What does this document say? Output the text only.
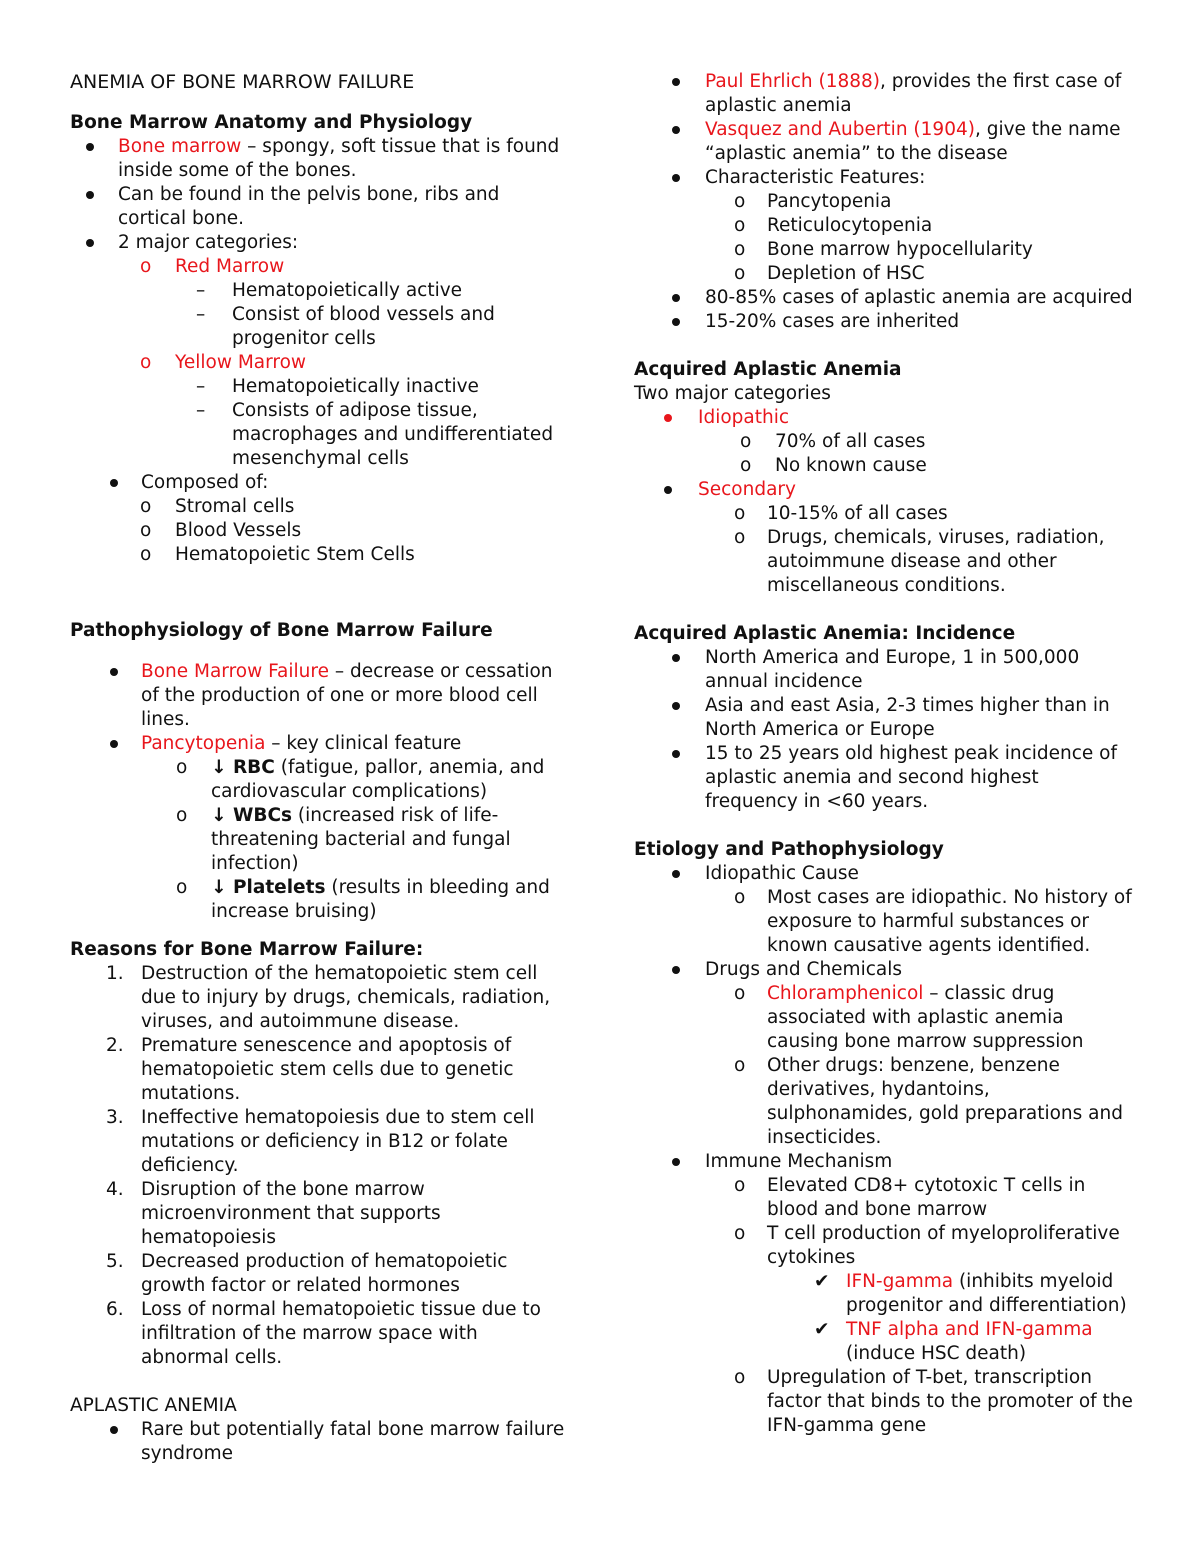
ANEMIA OF BONE MARROW FAILURE
Bone Marrow Anatomy and Physiology
Bone marrow – spongy, soft tissue that is found inside some of the bones.
Can be found in the pelvis bone, ribs and cortical bone.
2 major categories:
o Red Marrow
– Hematopoietically active
– Consist of blood vessels and progenitor cells
o Yellow Marrow
– Hematopoietically inactive
– Consists of adipose tissue, macrophages and undifferentiated mesenchymal cells
Composed of:
o Stromal cells
o Blood Vessels
o Hematopoietic Stem Cells
Pathophysiology of Bone Marrow Failure
Bone Marrow Failure – decrease or cessation of the production of one or more blood cell lines.
Pancytopenia – key clinical feature
o ↓ RBC (fatigue, pallor, anemia, and cardiovascular complications)
o ↓ WBCs (increased risk of life-threatening bacterial and fungal infection)
o ↓ Platelets (results in bleeding and increase bruising)
Reasons for Bone Marrow Failure:
1. Destruction of the hematopoietic stem cell due to injury by drugs, chemicals, radiation, viruses, and autoimmune disease.
2. Premature senescence and apoptosis of hematopoietic stem cells due to genetic mutations.
3. Ineffective hematopoiesis due to stem cell mutations or deficiency in B12 or folate deficiency.
4. Disruption of the bone marrow microenvironment that supports hematopoiesis
5. Decreased production of hematopoietic growth factor or related hormones
6. Loss of normal hematopoietic tissue due to infiltration of the marrow space with abnormal cells.
APLASTIC ANEMIA
Rare but potentially fatal bone marrow failure syndrome
Paul Ehrlich (1888), provides the first case of aplastic anemia
Vasquez and Aubertin (1904), give the name “aplastic anemia” to the disease
Characteristic Features:
o Pancytopenia
o Reticulocytopenia
o Bone marrow hypocellularity
o Depletion of HSC
80-85% cases of aplastic anemia are acquired
15-20% cases are inherited
Acquired Aplastic Anemia
Two major categories
Idiopathic
o 70% of all cases
o No known cause
Secondary
o 10-15% of all cases
o Drugs, chemicals, viruses, radiation, autoimmune disease and other miscellaneous conditions.
Acquired Aplastic Anemia: Incidence
North America and Europe, 1 in 500,000 annual incidence
Asia and east Asia, 2-3 times higher than in North America or Europe
15 to 25 years old highest peak incidence of aplastic anemia and second highest frequency in <60 years.
Etiology and Pathophysiology
Idiopathic Cause
o Most cases are idiopathic. No history of exposure to harmful substances or known causative agents identified.
Drugs and Chemicals
o Chloramphenicol – classic drug associated with aplastic anemia causing bone marrow suppression
o Other drugs: benzene, benzene derivatives, hydantoins, sulphonamides, gold preparations and insecticides.
Immune Mechanism
o Elevated CD8+ cytotoxic T cells in blood and bone marrow
o T cell production of myeloproliferative cytokines
✔ IFN-gamma (inhibits myeloid progenitor and differentiation)
✔ TNF alpha and IFN-gamma (induce HSC death)
o Upregulation of T-bet, transcription factor that binds to the promoter of the IFN-gamma gene
